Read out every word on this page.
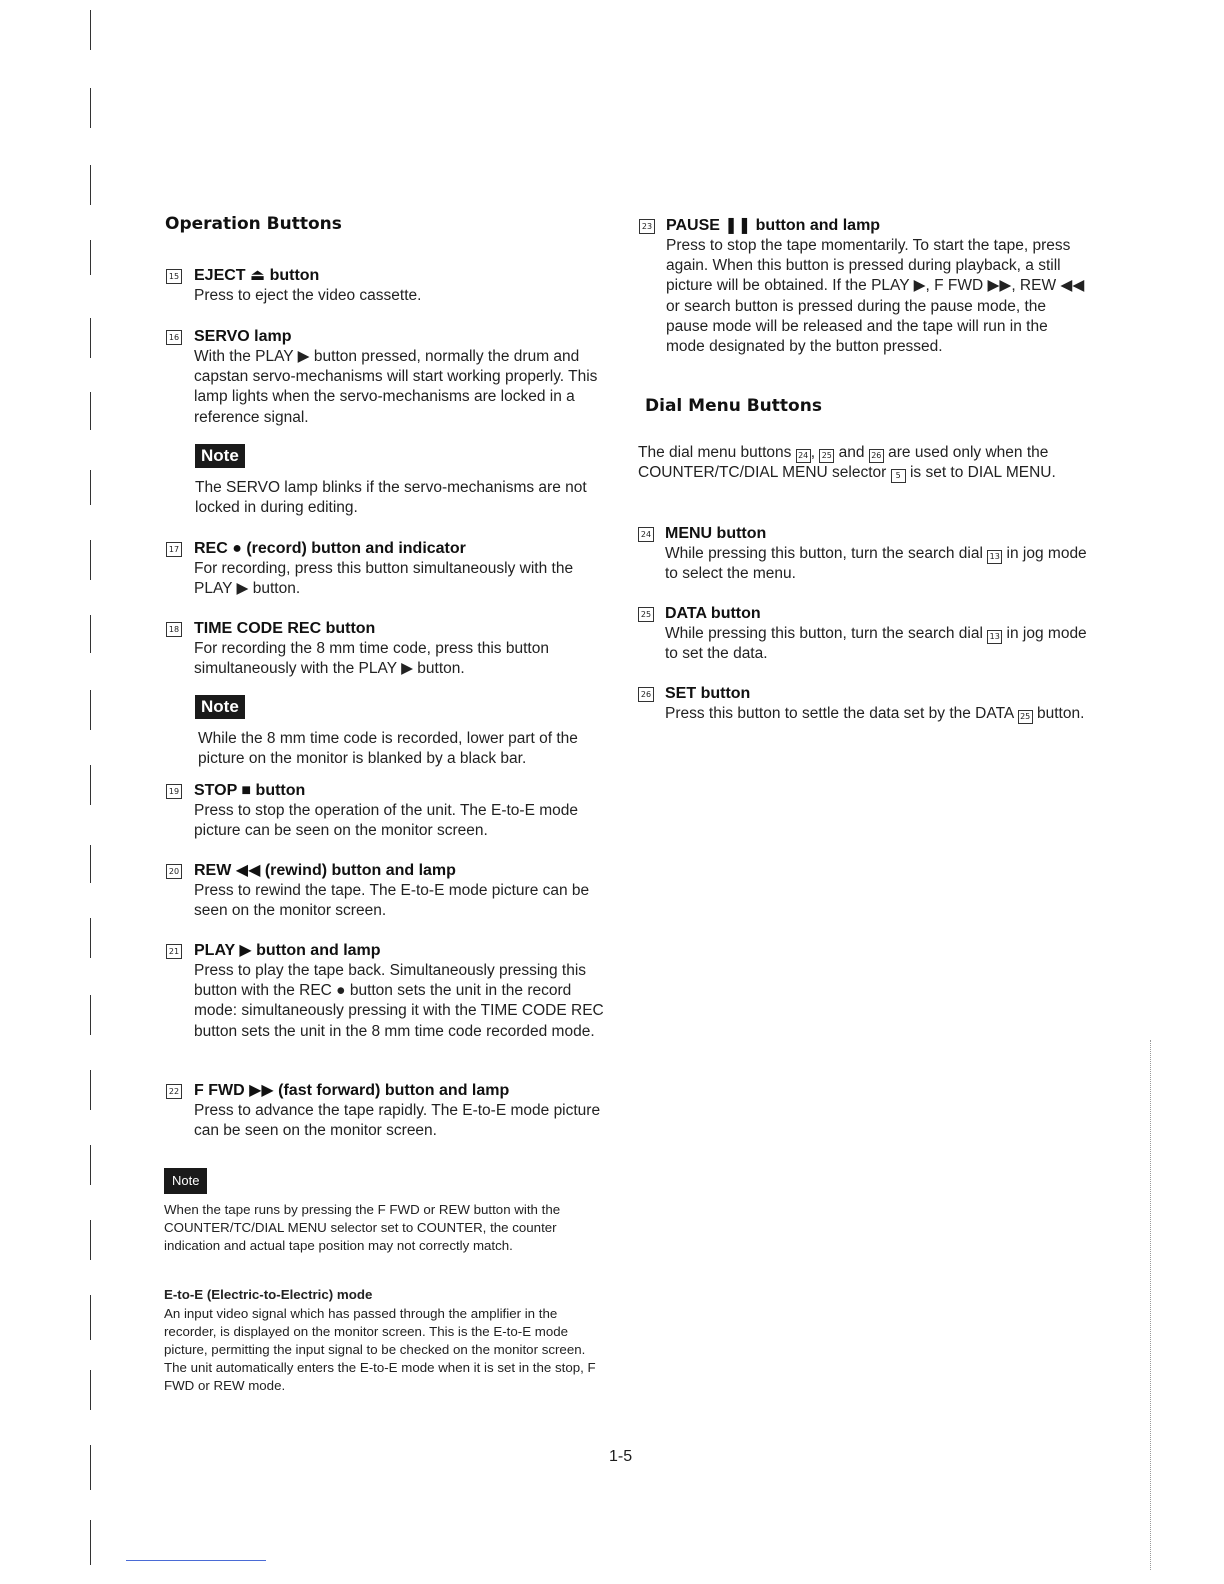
Operation Buttons
15 EJECT ⏏ button
Press to eject the video cassette.
16 SERVO lamp
With the PLAY ▶ button pressed, normally the drum and capstan servo-mechanisms will start working properly. This lamp lights when the servo-mechanisms are locked in a reference signal.
Note
The SERVO lamp blinks if the servo-mechanisms are not locked in during editing.
17 REC ● (record) button and indicator
For recording, press this button simultaneously with the PLAY ▶ button.
18 TIME CODE REC button
For recording the 8 mm time code, press this button simultaneously with the PLAY ▶ button.
Note
While the 8 mm time code is recorded, lower part of the picture on the monitor is blanked by a black bar.
19 STOP ■ button
Press to stop the operation of the unit. The E-to-E mode picture can be seen on the monitor screen.
20 REW ◀◀ (rewind) button and lamp
Press to rewind the tape. The E-to-E mode picture can be seen on the monitor screen.
21 PLAY ▶ button and lamp
Press to play the tape back. Simultaneously pressing this button with the REC ● button sets the unit in the record mode: simultaneously pressing it with the TIME CODE REC button sets the unit in the 8 mm time code recorded mode.
22 F FWD ▶▶ (fast forward) button and lamp
Press to advance the tape rapidly. The E-to-E mode picture can be seen on the monitor screen.
Note
When the tape runs by pressing the F FWD or REW button with the COUNTER/TC/DIAL MENU selector set to COUNTER, the counter indication and actual tape position may not correctly match.
E-to-E (Electric-to-Electric) mode
An input video signal which has passed through the amplifier in the recorder, is displayed on the monitor screen. This is the E-to-E mode picture, permitting the input signal to be checked on the monitor screen.
The unit automatically enters the E-to-E mode when it is set in the stop, F FWD or REW mode.
23 PAUSE ❚❚ button and lamp
Press to stop the tape momentarily. To start the tape, press again. When this button is pressed during playback, a still picture will be obtained. If the PLAY ▶, F FWD ▶▶, REW ◀◀ or search button is pressed during the pause mode, the pause mode will be released and the tape will run in the mode designated by the button pressed.
Dial Menu Buttons
The dial menu buttons 24 , 25 and 26 are used only when the COUNTER/TC/DIAL MENU selector 5 is set to DIAL MENU.
24 MENU button
While pressing this button, turn the search dial 13 in jog mode to select the menu.
25 DATA button
While pressing this button, turn the search dial 13 in jog mode to set the data.
26 SET button
Press this button to settle the data set by the DATA 25 button.
1-5
